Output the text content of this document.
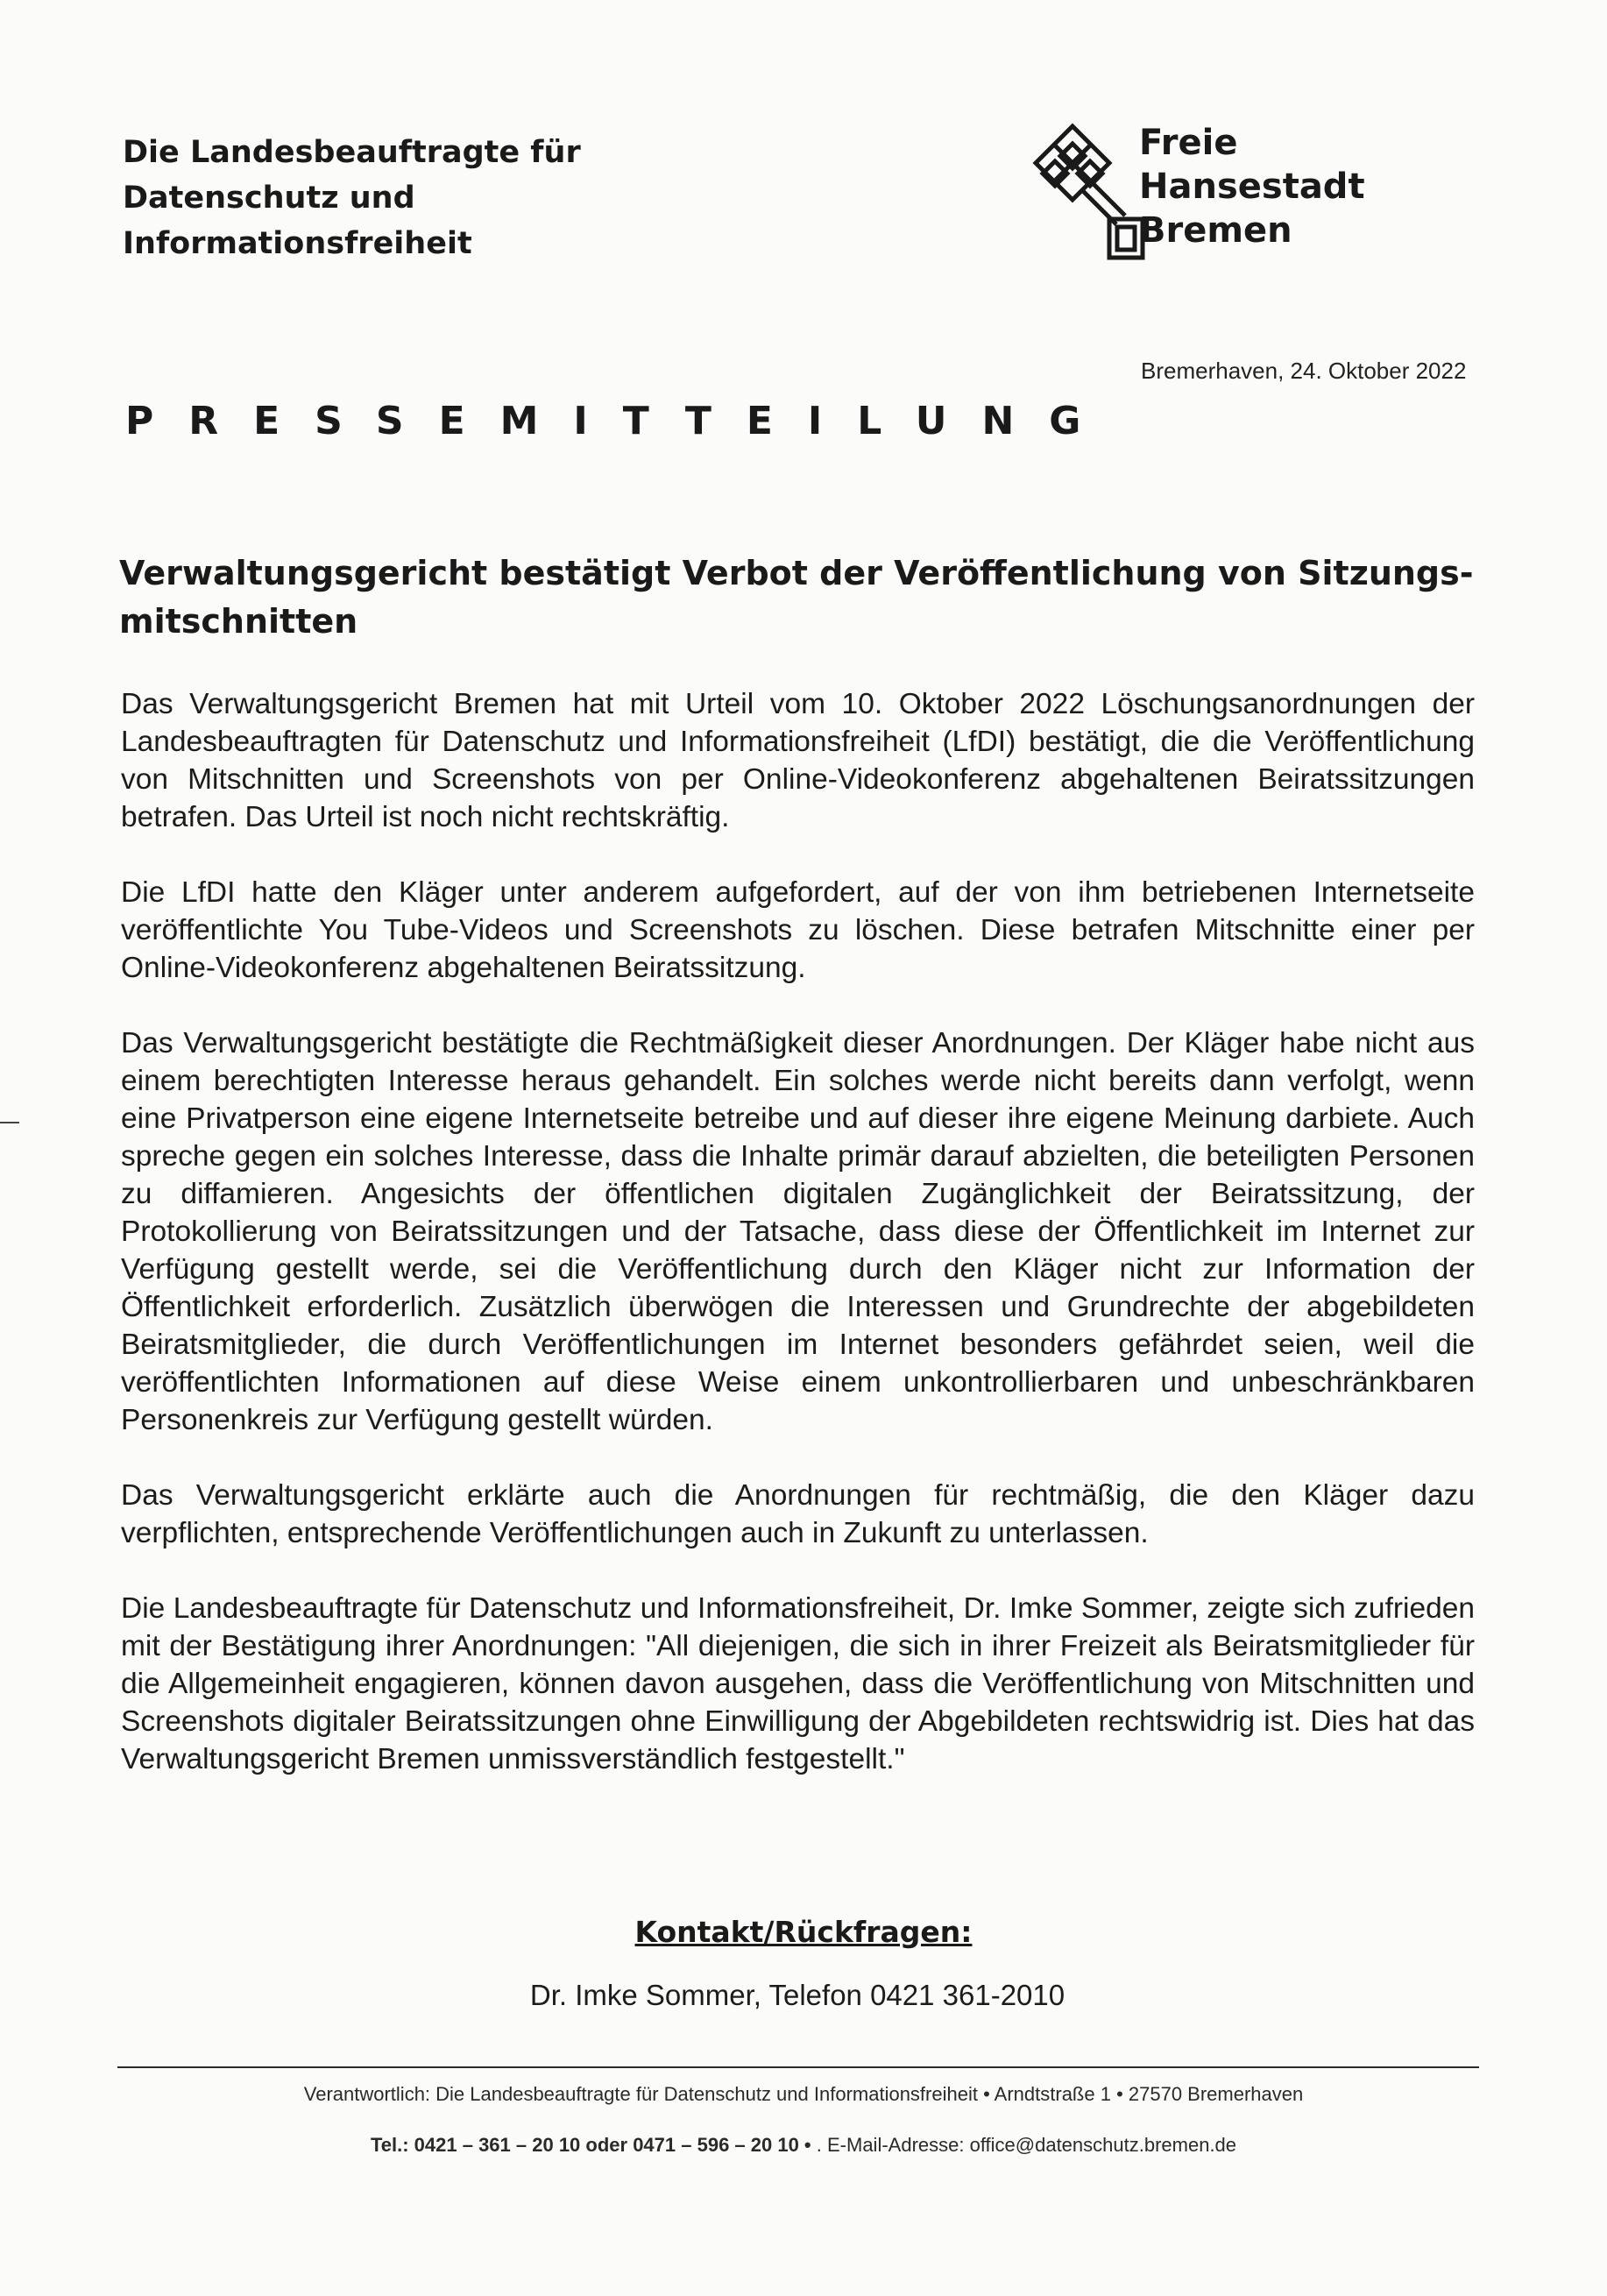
Die Landesbeauftragte für
Datenschutz und
Informationsfreiheit
Freie
Hansestadt
Bremen
Bremerhaven, 24. Oktober 2022
PRESSEMITTEILUNG
Verwaltungsgericht bestätigt Verbot der Veröffentlichung von Sitzungs-mitschnitten

Das Verwaltungsgericht Bremen hat mit Urteil vom 10. Oktober 2022 Löschungsanordnungen der Landesbeauftragten für Datenschutz und Informationsfreiheit (LfDI) bestätigt, die die Veröffentlichung von Mitschnitten und Screenshots von per Online-Videokonferenz abgehaltenen Beiratssitzungen betrafen. Das Urteil ist noch nicht rechtskräftig.

Die LfDI hatte den Kläger unter anderem aufgefordert, auf der von ihm betriebenen Internetseite veröffentlichte You Tube-Videos und Screenshots zu löschen. Diese betrafen Mitschnitte einer per Online-Videokonferenz abgehaltenen Beiratssitzung.

Das Verwaltungsgericht bestätigte die Rechtmäßigkeit dieser Anordnungen. Der Kläger habe nicht aus einem berechtigten Interesse heraus gehandelt. Ein solches werde nicht bereits dann verfolgt, wenn eine Privatperson eine eigene Internetseite betreibe und auf dieser ihre eigene Meinung darbiete. Auch spreche gegen ein solches Interesse, dass die Inhalte primär darauf abzielten, die beteiligten Personen zu diffamieren. Angesichts der öffentlichen digitalen Zugänglichkeit der Beiratssitzung, der Protokollierung von Beiratssitzungen und der Tatsache, dass diese der Öffentlichkeit im Internet zur Verfügung gestellt werde, sei die Veröffentlichung durch den Kläger nicht zur Information der Öffentlichkeit erforderlich. Zusätzlich überwögen die Interessen und Grundrechte der abgebildeten Beiratsmitglieder, die durch Veröffentlichungen im Internet besonders gefährdet seien, weil die veröffentlichten Informationen auf diese Weise einem unkontrollierbaren und unbeschränkbaren Personenkreis zur Verfügung gestellt würden.

Das Verwaltungsgericht erklärte auch die Anordnungen für rechtmäßig, die den Kläger dazu verpflichten, entsprechende Veröffentlichungen auch in Zukunft zu unterlassen.

Die Landesbeauftragte für Datenschutz und Informationsfreiheit, Dr. Imke Sommer, zeigte sich zufrieden mit der Bestätigung ihrer Anordnungen: "All diejenigen, die sich in ihrer Freizeit als Beiratsmitglieder für die Allgemeinheit engagieren, können davon ausgehen, dass die Veröffentlichung von Mitschnitten und Screenshots digitaler Beiratssitzungen ohne Einwilligung der Abgebildeten rechtswidrig ist. Dies hat das Verwaltungsgericht Bremen unmissverständlich festgestellt."

Kontakt/Rückfragen:
Dr. Imke Sommer, Telefon 0421 361-2010
Verantwortlich: Die Landesbeauftragte für Datenschutz und Informationsfreiheit • Arndtstraße 1 • 27570 Bremerhaven
Tel.: 0421 – 361 – 20 10 oder 0471 – 596 – 20 10 • . E-Mail-Adresse: office@datenschutz.bremen.de
